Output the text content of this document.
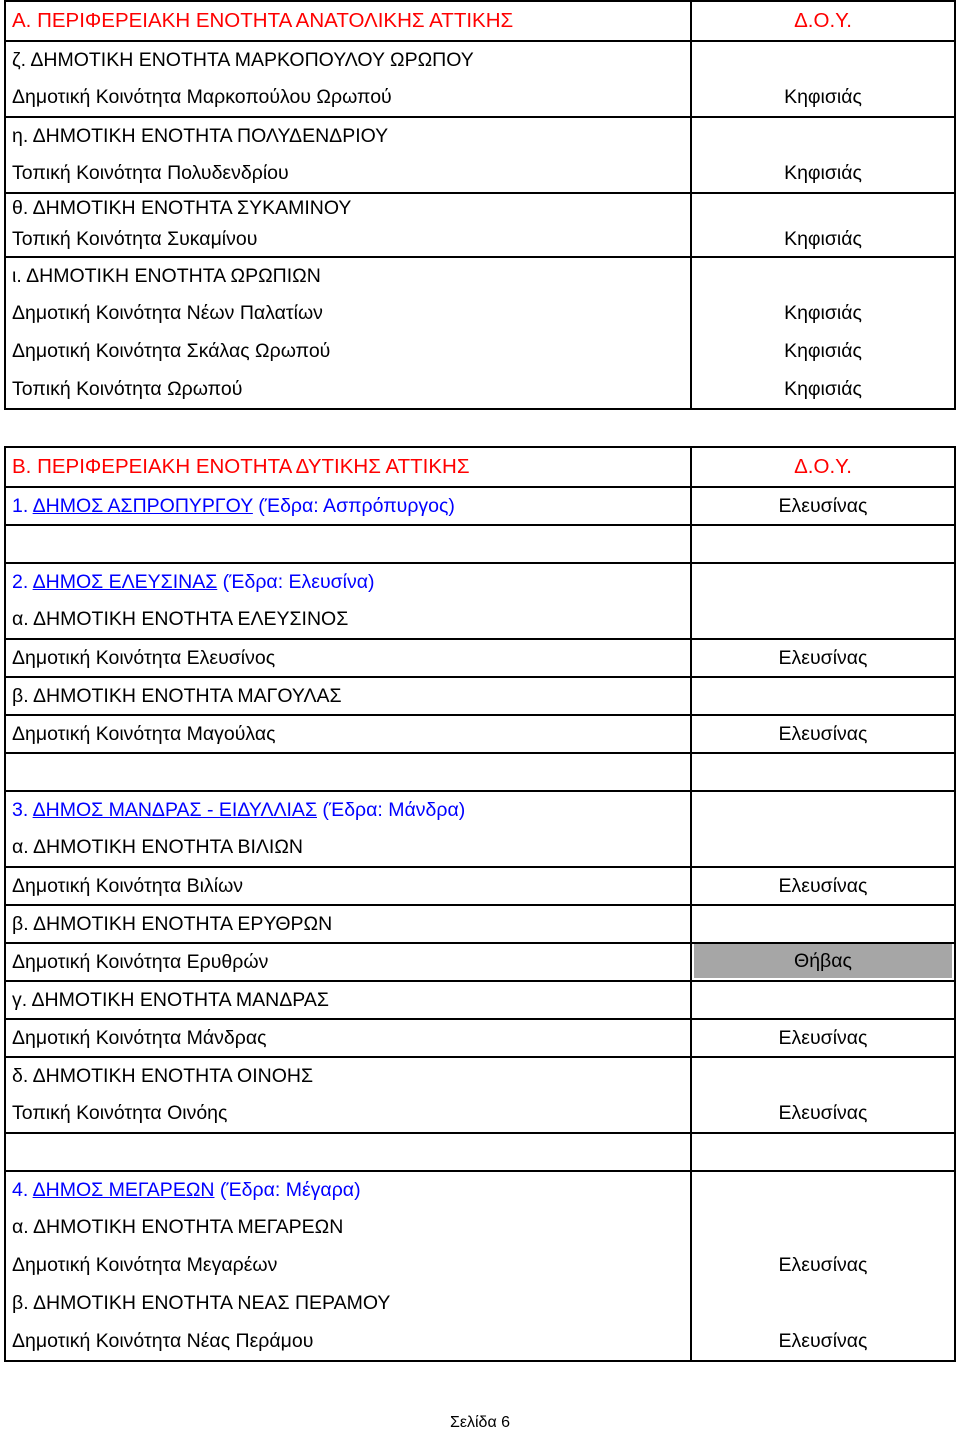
Α. ΠΕΡΙΦΕΡΕΙΑΚΗ ΕΝΟΤΗΤΑ ΑΝΑΤΟΛΙΚΗΣ ΑΤΤΙΚΗΣ	Δ.Ο.Υ.
ζ. ΔΗΜΟΤΙΚΗ ΕΝΟΤΗΤΑ ΜΑΡΚΟΠΟΥΛΟΥ ΩΡΩΠΟΥ
Δημοτική Κοινότητα Μαρκοπούλου Ωρωπού	Κηφισιάς
η. ΔΗΜΟΤΙΚΗ ΕΝΟΤΗΤΑ ΠΟΛΥΔΕΝΔΡΙΟΥ
Τοπική Κοινότητα Πολυδενδρίου	Κηφισιάς
θ. ΔΗΜΟΤΙΚΗ ΕΝΟΤΗΤΑ ΣΥΚΑΜΙΝΟΥ
Τοπική Κοινότητα Συκαμίνου	Κηφισιάς
ι. ΔΗΜΟΤΙΚΗ ΕΝΟΤΗΤΑ ΩΡΩΠΙΩΝ
Δημοτική Κοινότητα Νέων Παλατίων	Κηφισιάς
Δημοτική Κοινότητα Σκάλας Ωρωπού	Κηφισιάς
Τοπική Κοινότητα Ωρωπού	Κηφισιάς
Β. ΠΕΡΙΦΕΡΕΙΑΚΗ ΕΝΟΤΗΤΑ ΔΥΤΙΚΗΣ ΑΤΤΙΚΗΣ	Δ.Ο.Υ.
1. ΔΗΜΟΣ ΑΣΠΡΟΠΥΡΓΟΥ (Έδρα: Ασπρόπυργος)	Ελευσίνας
2. ΔΗΜΟΣ ΕΛΕΥΣΙΝΑΣ (Έδρα: Ελευσίνα)
α. ΔΗΜΟΤΙΚΗ ΕΝΟΤΗΤΑ ΕΛΕΥΣΙΝΟΣ
Δημοτική Κοινότητα Ελευσίνος	Ελευσίνας
β. ΔΗΜΟΤΙΚΗ ΕΝΟΤΗΤΑ ΜΑΓΟΥΛΑΣ
Δημοτική Κοινότητα Μαγούλας	Ελευσίνας
3. ΔΗΜΟΣ ΜΑΝΔΡΑΣ - ΕΙΔΥΛΛΙΑΣ (Έδρα: Μάνδρα)
α. ΔΗΜΟΤΙΚΗ ΕΝΟΤΗΤΑ ΒΙΛΙΩΝ
Δημοτική Κοινότητα Βιλίων	Ελευσίνας
β. ΔΗΜΟΤΙΚΗ ΕΝΟΤΗΤΑ ΕΡΥΘΡΩΝ
Δημοτική Κοινότητα Ερυθρών	Θήβας
γ. ΔΗΜΟΤΙΚΗ ΕΝΟΤΗΤΑ ΜΑΝΔΡΑΣ
Δημοτική Κοινότητα Μάνδρας	Ελευσίνας
δ. ΔΗΜΟΤΙΚΗ ΕΝΟΤΗΤΑ ΟΙΝΟΗΣ
Τοπική Κοινότητα Οινόης	Ελευσίνας
4. ΔΗΜΟΣ ΜΕΓΑΡΕΩΝ (Έδρα: Μέγαρα)
α. ΔΗΜΟΤΙΚΗ ΕΝΟΤΗΤΑ ΜΕΓΑΡΕΩΝ
Δημοτική Κοινότητα Μεγαρέων	Ελευσίνας
β. ΔΗΜΟΤΙΚΗ ΕΝΟΤΗΤΑ ΝΕΑΣ ΠΕΡΑΜΟΥ
Δημοτική Κοινότητα Νέας Περάμου	Ελευσίνας
Σελίδα 6
